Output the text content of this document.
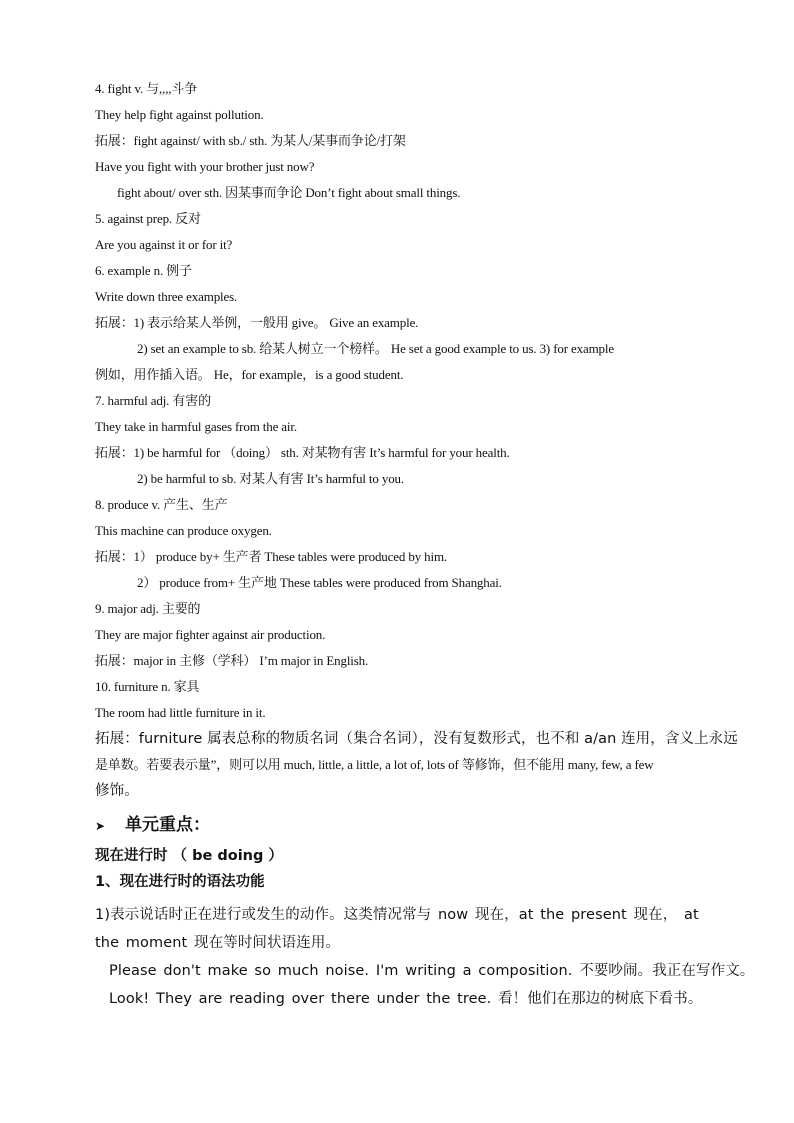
4. fight v. 与,,,,斗争
They help fight against pollution.
拓展：fight against/ with sb./ sth. 为某人/某事而争论/打架
Have you fight with your brother just now?
fight about/ over sth. 因某事而争论 Don’t fight about small things.
5. against prep. 反对
Are you against it or for it?
6. example n. 例子
Write down three examples.
拓展：1) 表示给某人举例，一般用 give。 Give an example.
2) set an example to sb. 给某人树立一个榜样。 He set a good example to us. 3) for example
例如，用作插入语。 He，for example，is a good student.
7. harmful adj. 有害的
They take in harmful gases from the air.
拓展：1) be harmful for （doing） sth. 对某物有害 It’s harmful for your health.
2) be harmful to sb. 对某人有害 It’s harmful to you.
8. produce v. 产生、生产
This machine can produce oxygen.
拓展：1） produce by+ 生产者 These tables were produced by him.
2） produce from+ 生产地 These tables were produced from Shanghai.
9. major adj. 主要的
They are major fighter against air production.
拓展：major in 主修（学科） I’m major in English.
10. furniture n. 家具
The room had little furniture in it.
拓展：furniture 属表总称的物质名词（集合名词），没有复数形式，也不和 a/an 连用，含义上永远
是单数。若要表示量”，则可以用 much, little, a little, a lot of, lots of 等修饰，但不能用 many, few, a few
修饰。
➤ 单元重点：
现在进行时 （ be doing ）
1、现在进行时的语法功能
1)表示说话时正在进行或发生的动作。这类情况常与 now 现在，at the present 现在， at
the moment 现在等时间状语连用。
Please don't make so much noise. I'm writing a composition. 不要吵闹。我正在写作文。
Look! They are reading over there under the tree. 看！他们在那边的树底下看书。
